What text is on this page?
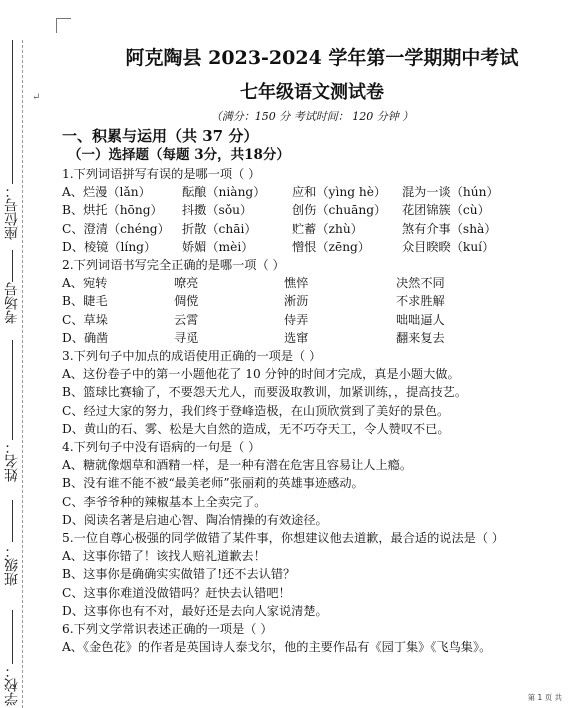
座位号：
考场号
姓名：
班级：
学校：
↵
阿克陶县 2023-2024 学年第一学期期中考试
七年级语文测试卷
（满分：150 分 考试时间： 120 分钟 ）
一、积累与运用（共 37 分）
（一）选择题（每题 3分，共18分）
1.下列词语拼写有误的是哪一项（ ）
A、烂漫（lǎn）	酝酿（niàng）	应和（yìng hè）	混为一谈（hún）
B、烘托（hōng）	抖擞（sǒu）	创伤（chuāng）	花团锦簇（cù）
C、澄清（chéng） 折散（chāi）	贮蓄（zhù）	煞有介事（shà）
D、棱镜（líng）	娇媚（mèi）	憎恨（zēng）	众目睽睽（kuí）
2.下列词语书写完全正确的是哪一项（ ）
A、宛转	嘹亮	憔悴	决然不同
B、睫毛	倜傥	淅沥	不求胜解
C、草垛	云霄	侍弄	咄咄逼人
D、确凿	寻觅	选窜	翻来复去
3.下列句子中加点的成语使用正确的一项是（ ）
A、这份卷子中的第一小题他花了 10 分钟的时间才完成，真是小题大做。
B、篮球比赛输了，不要怨天尤人，而要汲取教训，加紧训练，，提高技艺。
C、经过大家的努力，我们终于登峰造极，在山顶欣赏到了美好的景色。
D、黄山的石、雾、松是大自然的造成，无不巧夺天工，令人赞叹不已。
4.下列句子中没有语病的一句是（ ）
A、糖就像烟草和酒精一样，是一种有潜在危害且容易让人上瘾。
B、没有谁不能不被“最美老师”张丽莉的英雄事迹感动。
C、李爷爷种的辣椒基本上全卖完了。
D、阅读名著是启迪心智、陶冶情操的有效途径。
5.一位自尊心极强的同学做错了某件事，你想建议他去道歉，最合适的说法是（ ）
A、这事你错了！该找人赔礼道歉去！
B、这事你是确确实实做错了!还不去认错？
C、这事你难道没做错吗？赶快去认错吧！
D、这事你也有不对，最好还是去向人家说清楚。
6.下列文学常识表述正确的一项是（ ）
A、《金色花》的作者是英国诗人泰戈尔，他的主要作品有《园丁集》《飞鸟集》。
第 1 页 共
